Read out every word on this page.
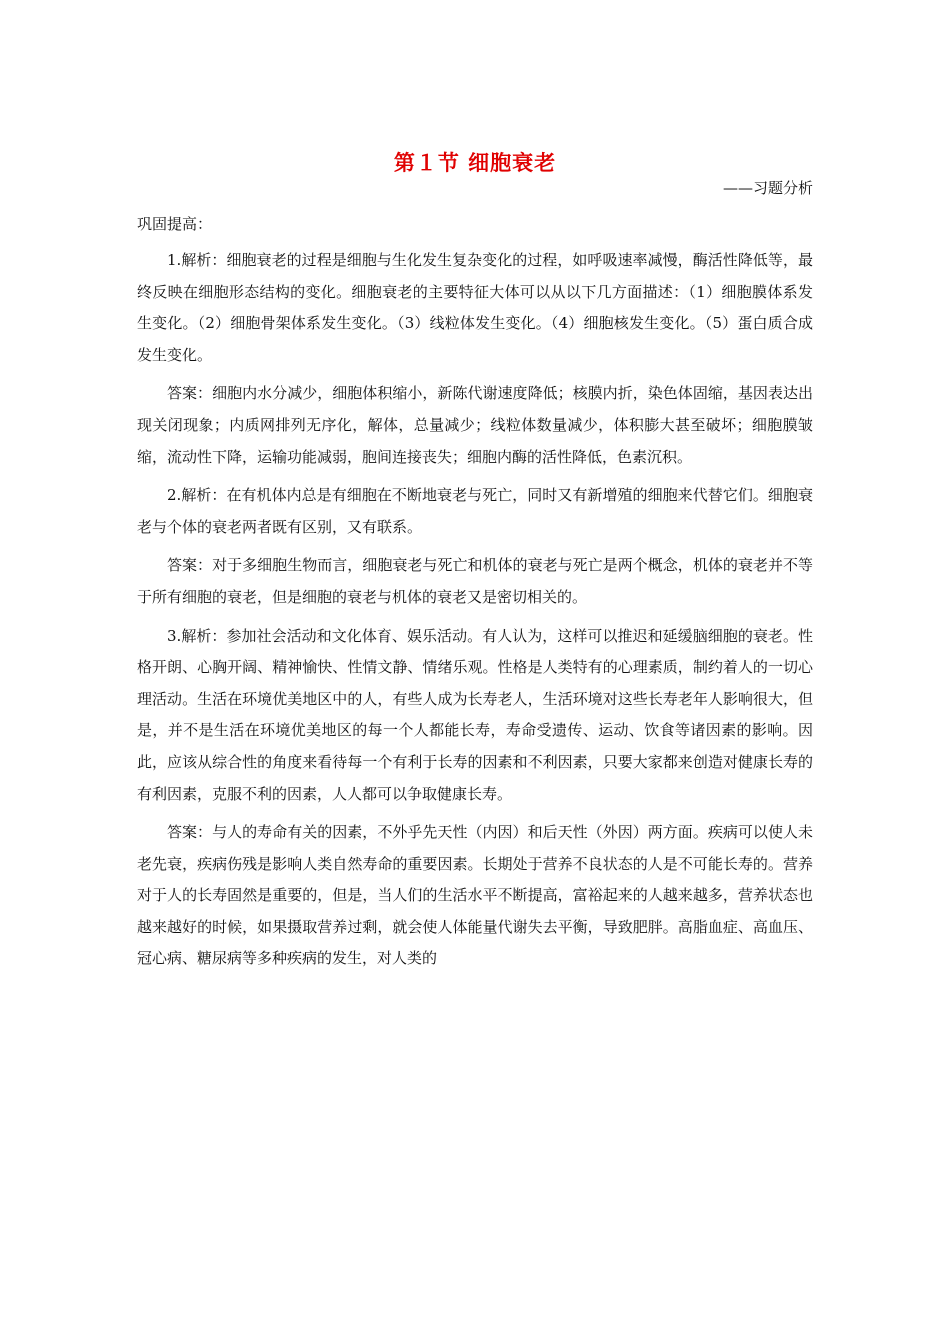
第１节 细胞衰老
——习题分析
巩固提高：

1.解析：细胞衰老的过程是细胞与生化发生复杂变化的过程，如呼吸速率减慢，酶活性降低等，最终反映在细胞形态结构的变化。细胞衰老的主要特征大体可以从以下几方面描述：（1）细胞膜体系发生变化。（2）细胞骨架体系发生变化。（3）线粒体发生变化。（4）细胞核发生变化。（5）蛋白质合成发生变化。

答案：细胞内水分减少，细胞体积缩小，新陈代谢速度降低；核膜内折，染色体固缩，基因表达出现关闭现象；内质网排列无序化，解体，总量减少；线粒体数量减少，体积膨大甚至破坏；细胞膜皱缩，流动性下降，运输功能减弱，胞间连接丧失；细胞内酶的活性降低，色素沉积。

2.解析：在有机体内总是有细胞在不断地衰老与死亡，同时又有新增殖的细胞来代替它们。细胞衰老与个体的衰老两者既有区别，又有联系。

答案：对于多细胞生物而言，细胞衰老与死亡和机体的衰老与死亡是两个概念，机体的衰老并不等于所有细胞的衰老，但是细胞的衰老与机体的衰老又是密切相关的。

3.解析：参加社会活动和文化体育、娱乐活动。有人认为，这样可以推迟和延缓脑细胞的衰老。性格开朗、心胸开阔、精神愉快、性情文静、情绪乐观。性格是人类特有的心理素质，制约着人的一切心理活动。生活在环境优美地区中的人，有些人成为长寿老人，生活环境对这些长寿老年人影响很大，但是，并不是生活在环境优美地区的每一个人都能长寿，寿命受遗传、运动、饮食等诸因素的影响。因此，应该从综合性的角度来看待每一个有利于长寿的因素和不利因素，只要大家都来创造对健康长寿的有利因素，克服不利的因素，人人都可以争取健康长寿。

答案：与人的寿命有关的因素，不外乎先天性（内因）和后天性（外因）两方面。疾病可以使人未老先衰，疾病伤残是影响人类自然寿命的重要因素。长期处于营养不良状态的人是不可能长寿的。营养对于人的长寿固然是重要的，但是，当人们的生活水平不断提高，富裕起来的人越来越多，营养状态也越来越好的时候，如果摄取营养过剩，就会使人体能量代谢失去平衡，导致肥胖。高脂血症、高血压、冠心病、糖尿病等多种疾病的发生，对人类的
